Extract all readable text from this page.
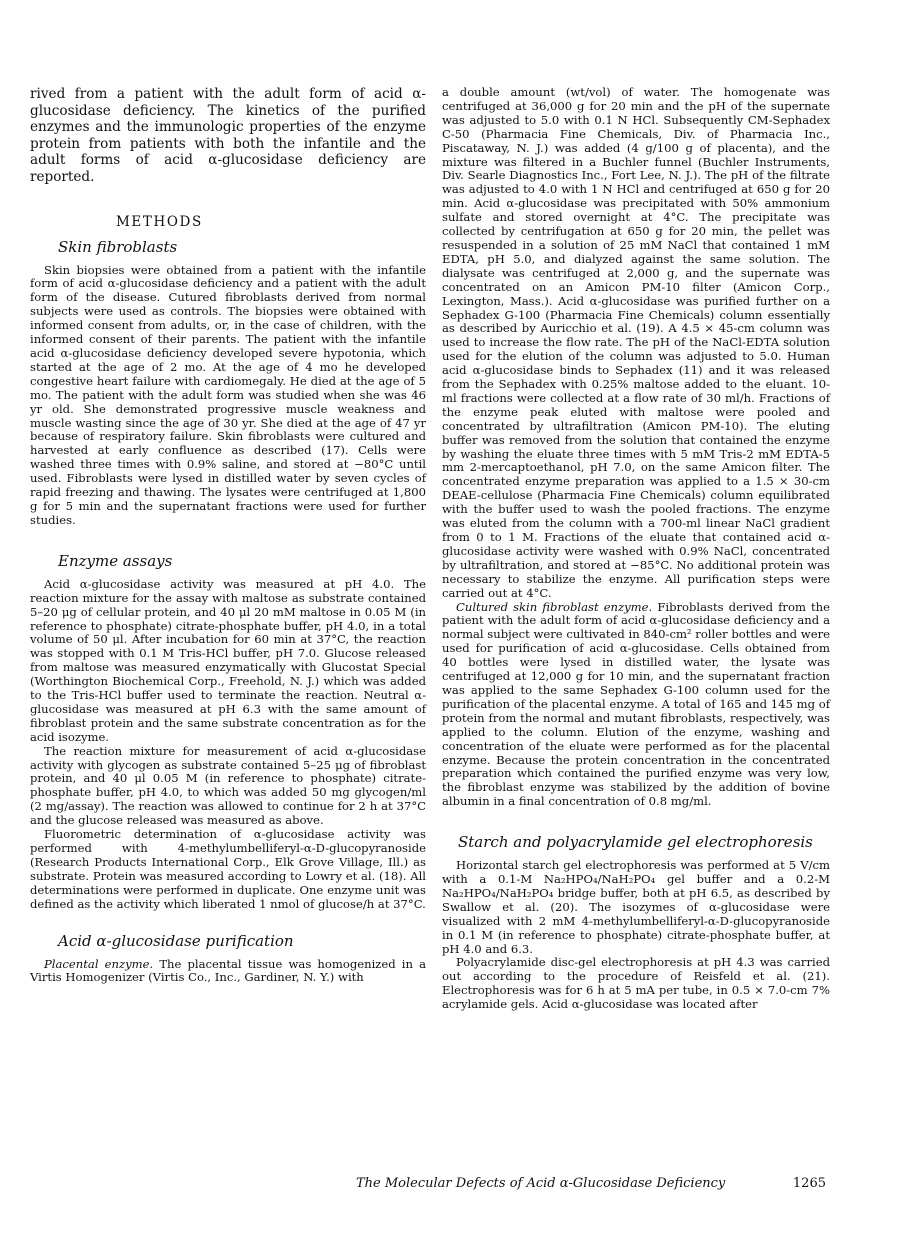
rived from a patient with the adult form of acid α-glucosidase deficiency. The kinetics of the purified enzymes and the immunologic properties of the enzyme protein from patients with both the infantile and the adult forms of acid α-glucosidase deficiency are reported.

METHODS
Skin fibroblasts

Skin biopsies were obtained from a patient with the infantile form of acid α-glucosidase deficiency and a patient with the adult form of the disease. Cutured fibroblasts derived from normal subjects were used as controls. The biopsies were obtained with informed consent from adults, or, in the case of children, with the informed consent of their parents. The patient with the infantile acid α-glucosidase deficiency developed severe hypotonia, which started at the age of 2 mo. At the age of 4 mo he developed congestive heart failure with cardiomegaly. He died at the age of 5 mo. The patient with the adult form was studied when she was 46 yr old. She demonstrated progressive muscle weakness and muscle wasting since the age of 30 yr. She died at the age of 47 yr because of respiratory failure. Skin fibroblasts were cultured and harvested at early confluence as described (17). Cells were washed three times with 0.9% saline, and stored at −80°C until used. Fibroblasts were lysed in distilled water by seven cycles of rapid freezing and thawing. The lysates were centrifuged at 1,800 g for 5 min and the supernatant fractions were used for further studies.

Enzyme assays

Acid α-glucosidase activity was measured at pH 4.0. The reaction mixture for the assay with maltose as substrate contained 5–20 μg of cellular protein, and 40 μl 20 mM maltose in 0.05 M (in reference to phosphate) citrate-phosphate buffer, pH 4.0, in a total volume of 50 μl. After incubation for 60 min at 37°C, the reaction was stopped with 0.1 M Tris-HCl buffer, pH 7.0. Glucose released from maltose was measured enzymatically with Glucostat Special (Worthington Biochemical Corp., Freehold, N. J.) which was added to the Tris-HCl buffer used to terminate the reaction. Neutral α-glucosidase was measured at pH 6.3 with the same amount of fibroblast protein and the same substrate concentration as for the acid isozyme.

The reaction mixture for measurement of acid α-glucosidase activity with glycogen as substrate contained 5–25 μg of fibroblast protein, and 40 μl 0.05 M (in reference to phosphate) citrate-phosphate buffer, pH 4.0, to which was added 50 mg glycogen/ml (2 mg/assay). The reaction was allowed to continue for 2 h at 37°C and the glucose released was measured as above.

Fluorometric determination of α-glucosidase activity was performed with 4-methylumbelliferyl-α-D-glucopyranoside (Research Products International Corp., Elk Grove Village, Ill.) as substrate. Protein was measured according to Lowry et al. (18). All determinations were performed in duplicate. One enzyme unit was defined as the activity which liberated 1 nmol of glucose/h at 37°C.

Acid α-glucosidase purification

Placental enzyme. The placental tissue was homogenized in a Virtis Homogenizer (Virtis Co., Inc., Gardiner, N. Y.) with

a double amount (wt/vol) of water. The homogenate was centrifuged at 36,000 g for 20 min and the pH of the supernate was adjusted to 5.0 with 0.1 N HCl. Subsequently CM-Sephadex C-50 (Pharmacia Fine Chemicals, Div. of Pharmacia Inc., Piscataway, N. J.) was added (4 g/100 g of placenta), and the mixture was filtered in a Buchler funnel (Buchler Instruments, Div. Searle Diagnostics Inc., Fort Lee, N. J.). The pH of the filtrate was adjusted to 4.0 with 1 N HCl and centrifuged at 650 g for 20 min. Acid α-glucosidase was precipitated with 50% ammonium sulfate and stored overnight at 4°C. The precipitate was collected by centrifugation at 650 g for 20 min, the pellet was resuspended in a solution of 25 mM NaCl that contained 1 mM EDTA, pH 5.0, and dialyzed against the same solution. The dialysate was centrifuged at 2,000 g, and the supernate was concentrated on an Amicon PM-10 filter (Amicon Corp., Lexington, Mass.). Acid α-glucosidase was purified further on a Sephadex G-100 (Pharmacia Fine Chemicals) column essentially as described by Auricchio et al. (19). A 4.5 × 45-cm column was used to increase the flow rate. The pH of the NaCl-EDTA solution used for the elution of the column was adjusted to 5.0. Human acid α-glucosidase binds to Sephadex (11) and it was released from the Sephadex with 0.25% maltose added to the eluant. 10-ml fractions were collected at a flow rate of 30 ml/h. Fractions of the enzyme peak eluted with maltose were pooled and concentrated by ultrafiltration (Amicon PM-10). The eluting buffer was removed from the solution that contained the enzyme by washing the eluate three times with 5 mM Tris-2 mM EDTA-5 mm 2-mercaptoethanol, pH 7.0, on the same Amicon filter. The concentrated enzyme preparation was applied to a 1.5 × 30-cm DEAE-cellulose (Pharmacia Fine Chemicals) column equilibrated with the buffer used to wash the pooled fractions. The enzyme was eluted from the column with a 700-ml linear NaCl gradient from 0 to 1 M. Fractions of the eluate that contained acid α-glucosidase activity were washed with 0.9% NaCl, concentrated by ultrafiltration, and stored at −85°C. No additional protein was necessary to stabilize the enzyme. All purification steps were carried out at 4°C.

Cultured skin fibroblast enzyme. Fibroblasts derived from the patient with the adult form of acid α-glucosidase deficiency and a normal subject were cultivated in 840-cm² roller bottles and were used for purification of acid α-glucosidase. Cells obtained from 40 bottles were lysed in distilled water, the lysate was centrifuged at 12,000 g for 10 min, and the supernatant fraction was applied to the same Sephadex G-100 column used for the purification of the placental enzyme. A total of 165 and 145 mg of protein from the normal and mutant fibroblasts, respectively, was applied to the column. Elution of the enzyme, washing and concentration of the eluate were performed as for the placental enzyme. Because the protein concentration in the concentrated preparation which contained the purified enzyme was very low, the fibroblast enzyme was stabilized by the addition of bovine albumin in a final concentration of 0.8 mg/ml.

Starch and polyacrylamide gel electrophoresis

Horizontal starch gel electrophoresis was performed at 5 V/cm with a 0.1-M Na₂HPO₄/NaH₂PO₄ gel buffer and a 0.2-M Na₂HPO₄/NaH₂PO₄ bridge buffer, both at pH 6.5, as described by Swallow et al. (20). The isozymes of α-glucosidase were visualized with 2 mM 4-methylumbelliferyl-α-D-glucopyranoside in 0.1 M (in reference to phosphate) citrate-phosphate buffer, at pH 4.0 and 6.3.

Polyacrylamide disc-gel electrophoresis at pH 4.3 was carried out according to the procedure of Reisfeld et al. (21). Electrophoresis was for 6 h at 5 mA per tube, in 0.5 × 7.0-cm 7% acrylamide gels. Acid α-glucosidase was located after

The Molecular Defects of Acid α-Glucosidase Deficiency	1265
